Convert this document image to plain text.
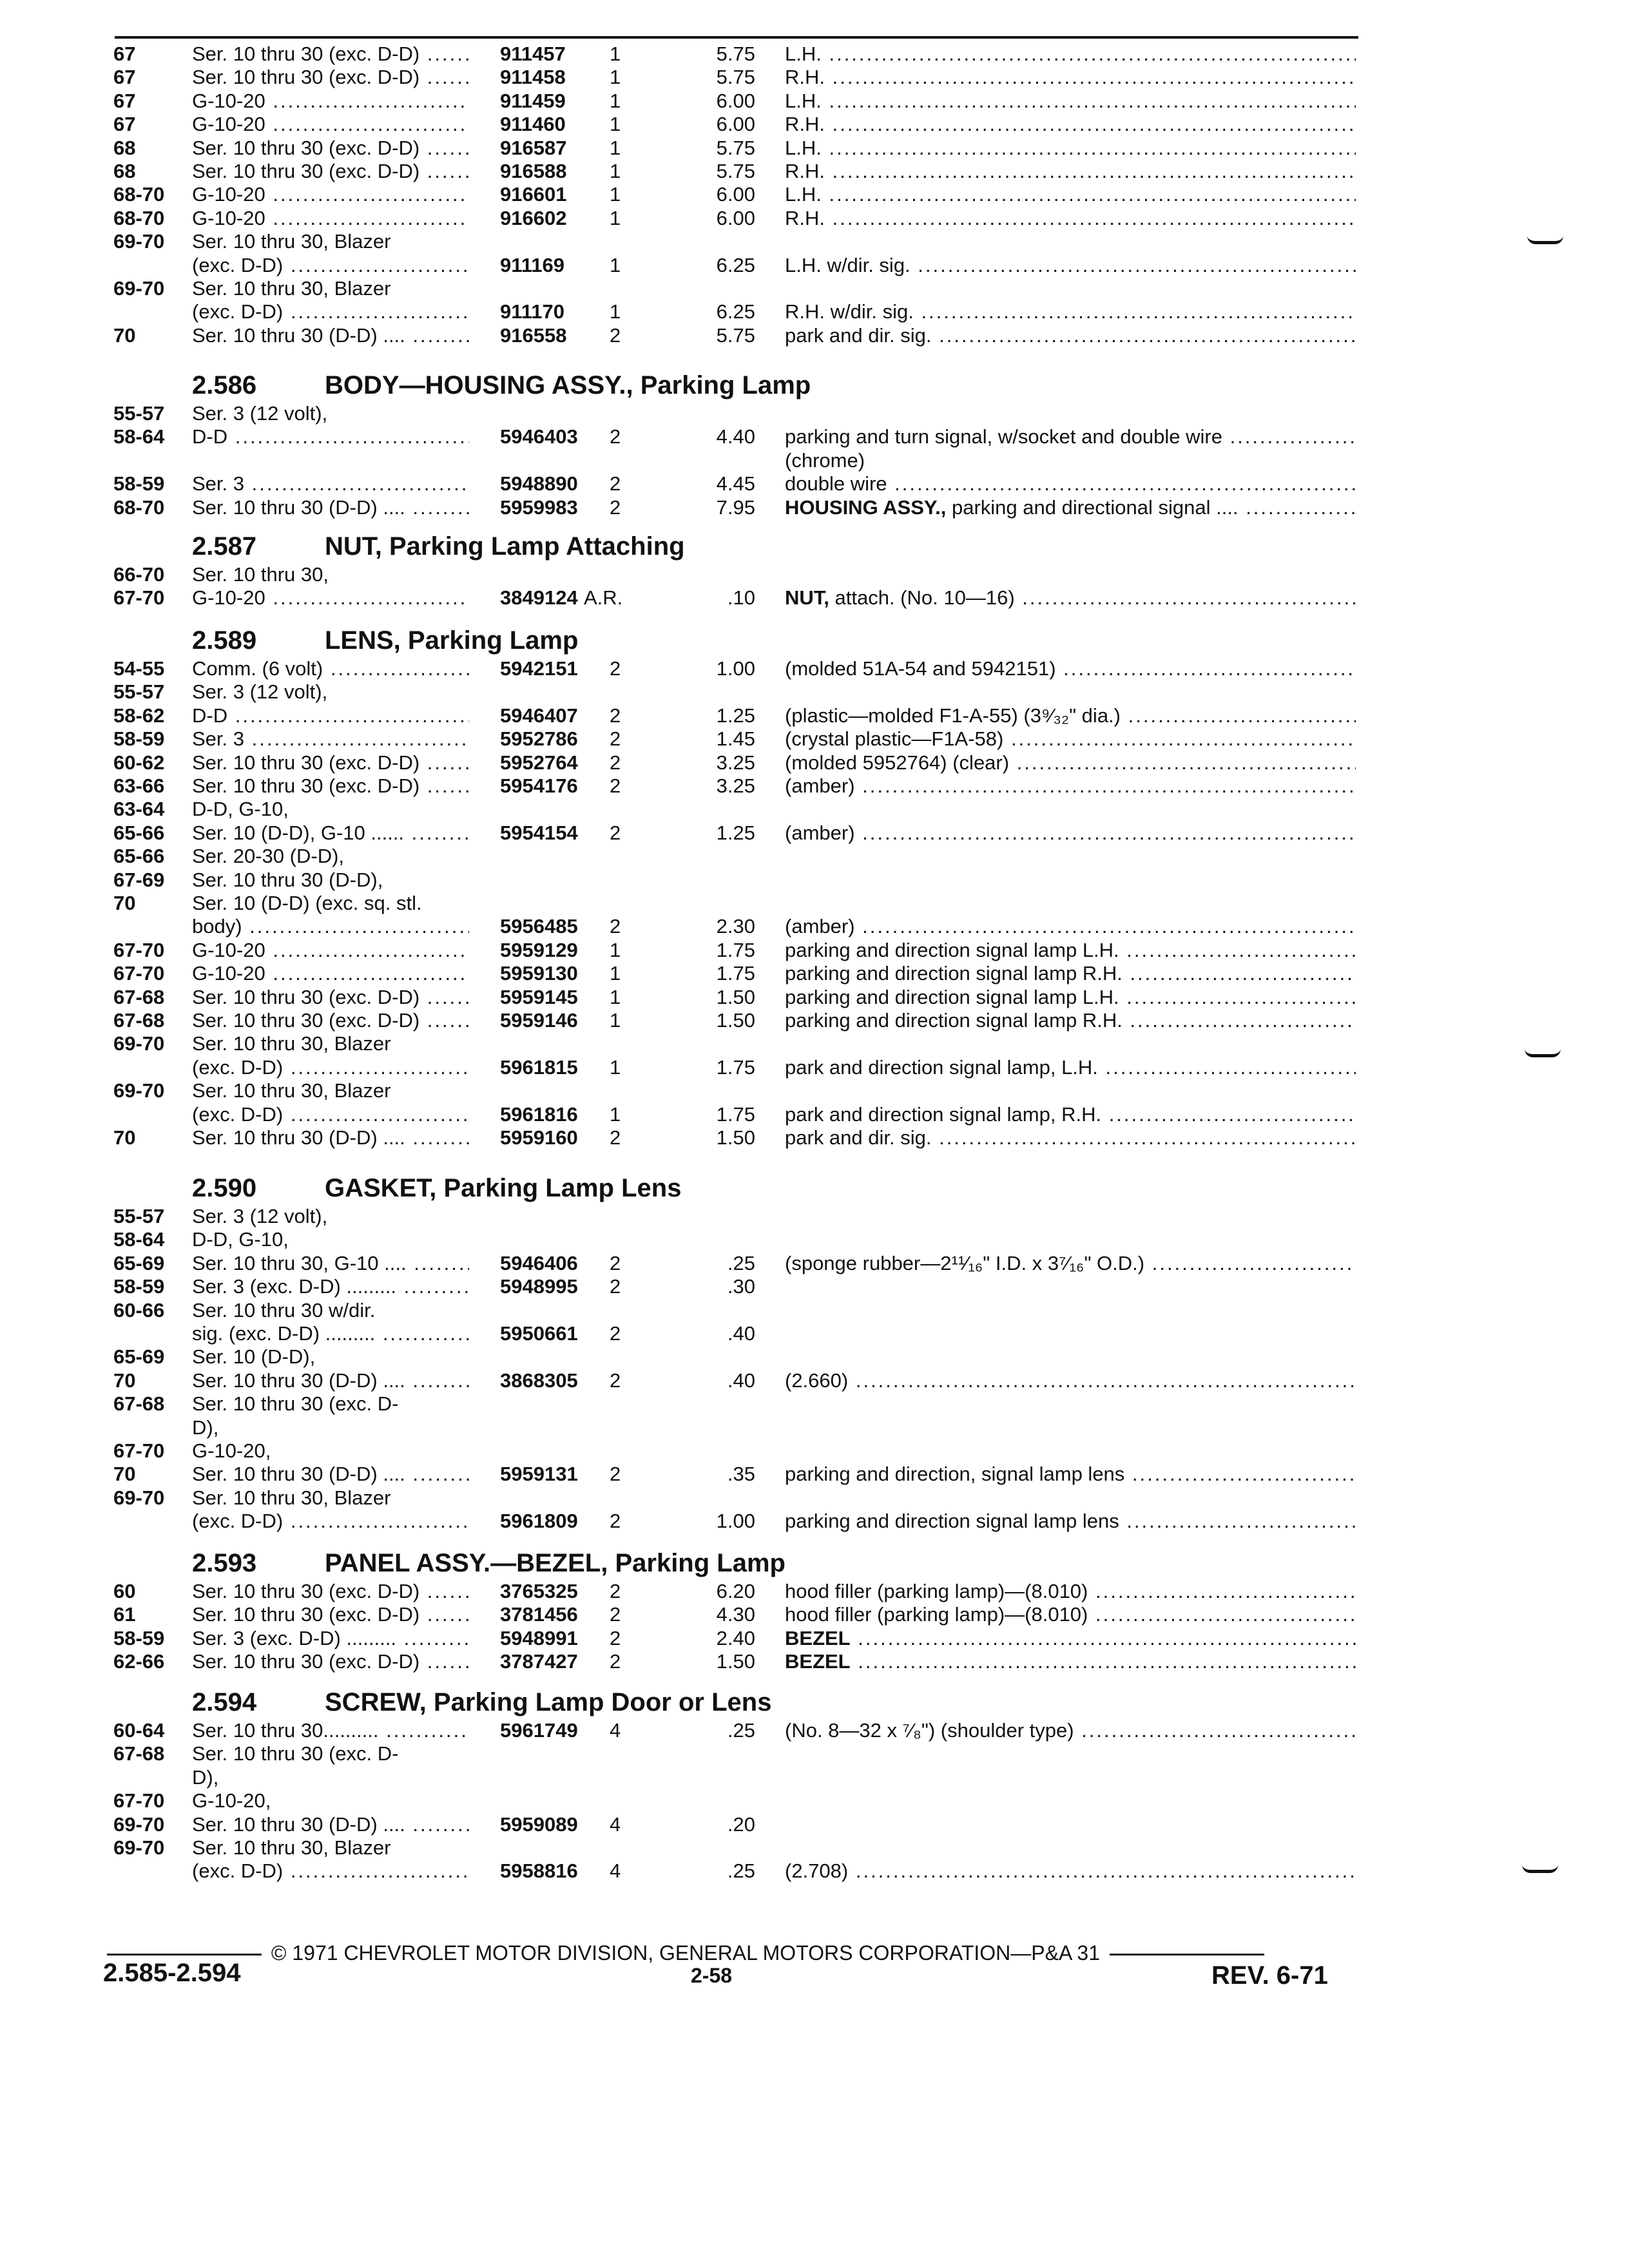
67	Ser. 10 thru 30 (exc. D-D) .....	911457 1	5.75 L.H. .....
67	Ser. 10 thru 30 (exc. D-D) .....	911458 1	5.75 R.H. .....
67	G-10-20 .....	911459 1	6.00 L.H. .....
67	G-10-20 .....	911460 1	6.00 R.H. .....
68	Ser. 10 thru 30 (exc. D-D) .....	916587 1	5.75 L.H. .....
68	Ser. 10 thru 30 (exc. D-D) .....	916588 1	5.75 R.H. .....
68-70 G-10-20 .....	916601 1	6.00 L.H. .....
68-70 G-10-20 .....	916602 1	6.00 R.H. .....
69-70 Ser. 10 thru 30, Blazer
(exc. D-D) .....	911169 1	6.25 L.H. w/dir. sig. .....
69-70 Ser. 10 thru 30, Blazer
(exc. D-D) .....	911170 1	6.25 R.H. w/dir. sig. .....
70	Ser. 10 thru 30 (D-D) .... .....	916558 2	5.75 park and dir. sig. .....
2.586	BODY—HOUSING ASSY., Parking Lamp
55-57 Ser. 3 (12 volt),
58-64 D-D .....	5946403 2	4.40 parking and turn signal, w/socket and double wire .....
(chrome)
58-59 Ser. 3 .....	5948890 2	4.45 double wire .....
68-70 Ser. 10 thru 30 (D-D) .... .....	5959983 2	7.95 HOUSING ASSY., parking and directional signal .... .....
2.587	NUT, Parking Lamp Attaching
66-70 Ser. 10 thru 30,
67-70 G-10-20 .....	3849124 A.R.	.10 NUT, attach. (No. 10—16) .....
2.589	LENS, Parking Lamp
54-55 Comm. (6 volt) .....	5942151 2	1.00 (molded 51A-54 and 5942151) .....
55-57 Ser. 3 (12 volt),
58-62 D-D .....	5946407 2	1.25 (plastic—molded F1-A-55) (3⁹⁄₃₂" dia.) .....
58-59 Ser. 3 .....	5952786 2	1.45 (crystal plastic—F1A-58) .....
60-62 Ser. 10 thru 30 (exc. D-D) .....	5952764 2	3.25 (molded 5952764) (clear) .....
63-66 Ser. 10 thru 30 (exc. D-D) .....	5954176 2	3.25 (amber) .....
63-64 D-D, G-10,
65-66 Ser. 10 (D-D), G-10 ...... .....	5954154 2	1.25 (amber) .....
65-66 Ser. 20-30 (D-D),
67-69 Ser. 10 thru 30 (D-D),
70	Ser. 10 (D-D) (exc. sq. stl.
body) .....	5956485 2	2.30 (amber) .....
67-70 G-10-20 .....	5959129 1	1.75 parking and direction signal lamp L.H. .....
67-70 G-10-20 .....	5959130 1	1.75 parking and direction signal lamp R.H. .....
67-68 Ser. 10 thru 30 (exc. D-D) .....	5959145 1	1.50 parking and direction signal lamp L.H. .....
67-68 Ser. 10 thru 30 (exc. D-D) .....	5959146 1	1.50 parking and direction signal lamp R.H. .....
69-70 Ser. 10 thru 30, Blazer
(exc. D-D) .....	5961815 1	1.75 park and direction signal lamp, L.H. .....
69-70 Ser. 10 thru 30, Blazer
(exc. D-D) .....	5961816 1	1.75 park and direction signal lamp, R.H. .....
70	Ser. 10 thru 30 (D-D) .... .....	5959160 2	1.50 park and dir. sig. .....
2.590	GASKET, Parking Lamp Lens
55-57 Ser. 3 (12 volt),
58-64 D-D, G-10,
65-69 Ser. 10 thru 30, G-10 .... .....	5946406 2	.25 (sponge rubber—2¹¹⁄₁₆" I.D. x 3⁷⁄₁₆" O.D.) .....
58-59 Ser. 3 (exc. D-D) ......... .....	5948995 2	.30
60-66 Ser. 10 thru 30 w/dir.
sig. (exc. D-D) ......... .....	5950661 2	.40
65-69 Ser. 10 (D-D),
70	Ser. 10 thru 30 (D-D) .... .....	3868305 2	.40 (2.660) .....
67-68 Ser. 10 thru 30 (exc. D-
D),
67-70 G-10-20,
70	Ser. 10 thru 30 (D-D) .... .....	5959131 2	.35 parking and direction, signal lamp lens .....
69-70 Ser. 10 thru 30, Blazer
(exc. D-D) .....	5961809 2	1.00 parking and direction signal lamp lens .....
2.593	PANEL ASSY.—BEZEL, Parking Lamp
60	Ser. 10 thru 30 (exc. D-D) .....	3765325 2	6.20 hood filler (parking lamp)—(8.010) .....
61	Ser. 10 thru 30 (exc. D-D) .....	3781456 2	4.30 hood filler (parking lamp)—(8.010) .....
58-59 Ser. 3 (exc. D-D) ......... .....	5948991 2	2.40 BEZEL .....
62-66 Ser. 10 thru 30 (exc. D-D) .....	3787427 2	1.50 BEZEL .....
2.594	SCREW, Parking Lamp Door or Lens
60-64 Ser. 10 thru 30.......... .....	5961749 4	.25 (No. 8—32 x ⁷⁄₈") (shoulder type) .....
67-68 Ser. 10 thru 30 (exc. D-
D),
67-70 G-10-20,
69-70 Ser. 10 thru 30 (D-D) .... .....	5959089 4	.20
69-70 Ser. 10 thru 30, Blazer
(exc. D-D) .....	5958816 4	.25 (2.708) .....
© 1971 CHEVROLET MOTOR DIVISION, GENERAL MOTORS CORPORATION—P&A 31
2.585-2.594	2-58	REV. 6-71
